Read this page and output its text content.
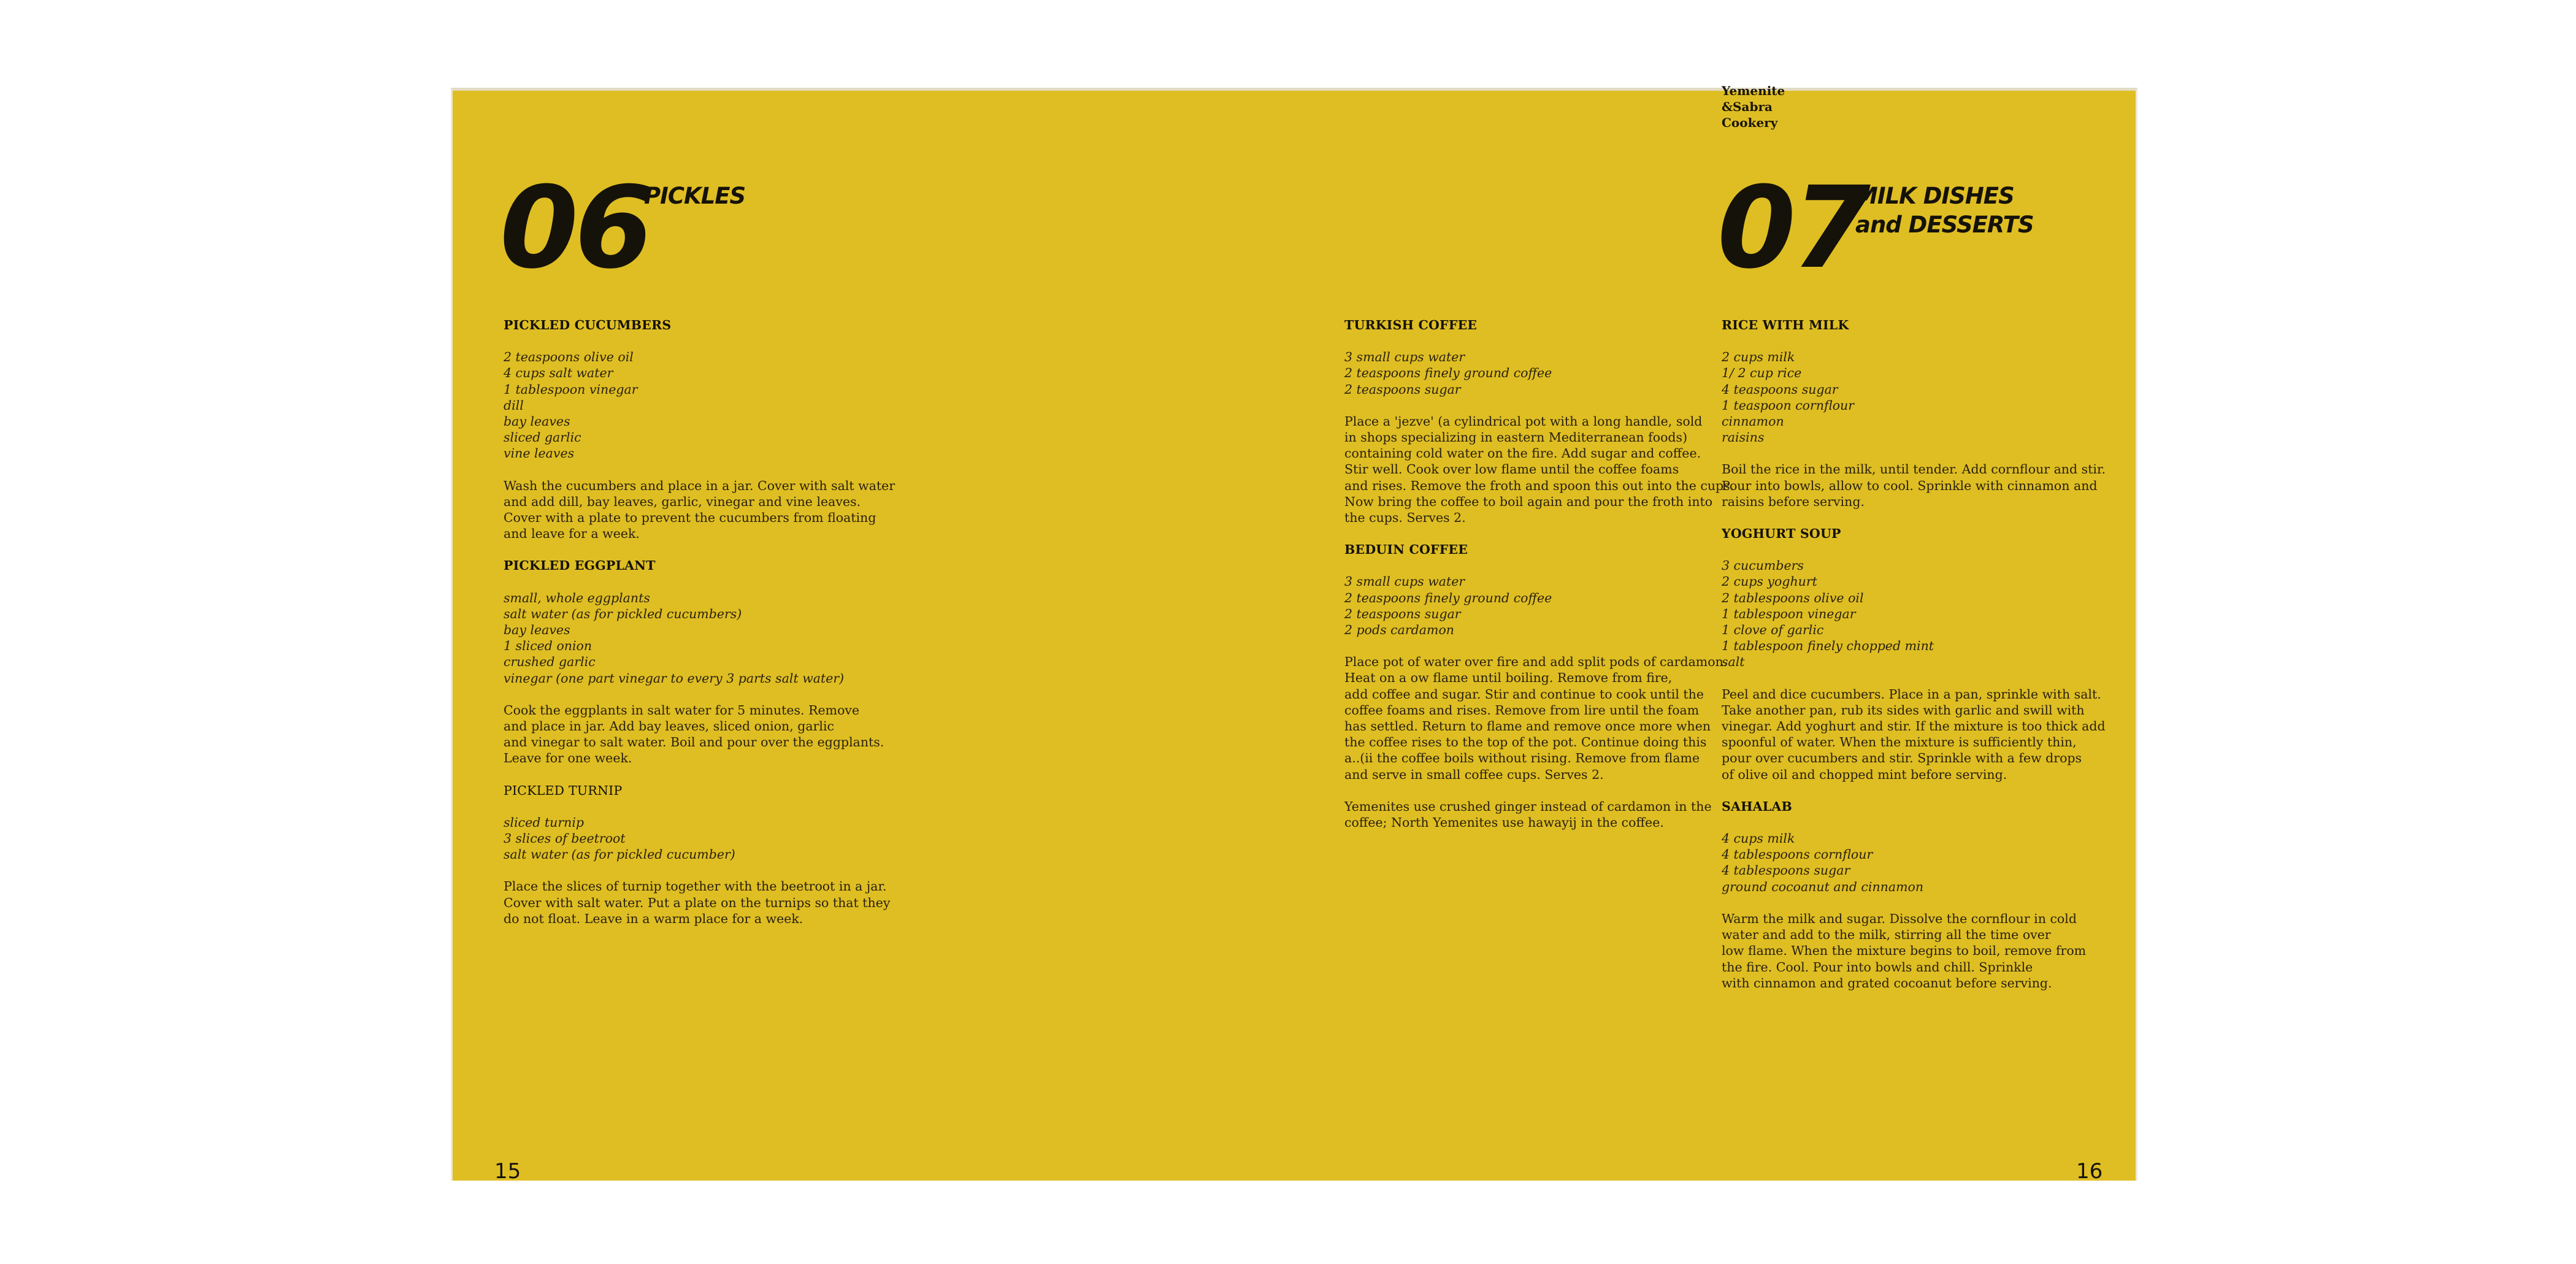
Yemenite
&Sabra
Cookery
06
PICKLES	07
MILK DISHES
and DESSERTS
PICKLED CUCUMBERS
2 teaspoons olive oil
4 cups salt water
1 tablespoon vinegar
dill
bay leaves
sliced garlic
vine leaves
Wash the cucumbers and place in a jar. Cover with salt water
and add dill, bay leaves, garlic, vinegar and vine leaves.
Cover with a plate to prevent the cucumbers from floating
and leave for a week.
PICKLED EGGPLANT
small, whole eggplants
salt water (as for pickled cucumbers)
bay leaves
1 sliced onion
crushed garlic
vinegar (one part vinegar to every 3 parts salt water)
Cook the eggplants in salt water for 5 minutes. Remove
and place in jar. Add bay leaves, sliced onion, garlic
and vinegar to salt water. Boil and pour over the eggplants.
Leave for one week.
PICKLED TURNIP
sliced turnip
3 slices of beetroot
salt water (as for pickled cucumber)
Place the slices of turnip together with the beetroot in a jar.
Cover with salt water. Put a plate on the turnips so that they
do not float. Leave in a warm place for a week.
TURKISH COFFEE
3 small cups water
2 teaspoons finely ground coffee
2 teaspoons sugar
Place a 'jezve' (a cylindrical pot with a long handle, sold
in shops specializing in eastern Mediterranean foods)
containing cold water on the fire. Add sugar and coffee.
Stir well. Cook over low flame until the coffee foams
and rises. Remove the froth and spoon this out into the cups.
Now bring the coffee to boil again and pour the froth into
the cups. Serves 2.
BEDUIN COFFEE
3 small cups water
2 teaspoons finely ground coffee
2 teaspoons sugar
2 pods cardamon
Place pot of water over fire and add split pods of cardamon.
Heat on a ow flame until boiling. Remove from fire,
add coffee and sugar. Stir and continue to cook until the
coffee foams and rises. Remove from lire until the foam
has settled. Return to flame and remove once more when
the coffee rises to the top of the pot. Continue doing this
a..(ii the coffee boils without rising. Remove from flame
and serve in small coffee cups. Serves 2.
Yemenites use crushed ginger instead of cardamon in the
coffee; North Yemenites use hawayij in the coffee.
RICE WITH MILK
2 cups milk
1/ 2 cup rice
4 teaspoons sugar
1 teaspoon cornflour
cinnamon
raisins
Boil the rice in the milk, until tender. Add cornflour and stir.
Pour into bowls, allow to cool. Sprinkle with cinnamon and
raisins before serving.
YOGHURT SOUP
3 cucumbers
2 cups yoghurt
2 tablespoons olive oil
1 tablespoon vinegar
1 clove of garlic
1 tablespoon finely chopped mint
salt
Peel and dice cucumbers. Place in a pan, sprinkle with salt.
Take another pan, rub its sides with garlic and swill with
vinegar. Add yoghurt and stir. If the mixture is too thick add
spoonful of water. When the mixture is sufficiently thin,
pour over cucumbers and stir. Sprinkle with a few drops
of olive oil and chopped mint before serving.
SAHALAB
4 cups milk
4 tablespoons cornflour
4 tablespoons sugar
ground cocoanut and cinnamon
Warm the milk and sugar. Dissolve the cornflour in cold
water and add to the milk, stirring all the time over
low flame. When the mixture begins to boil, remove from
the fire. Cool. Pour into bowls and chill. Sprinkle
with cinnamon and grated cocoanut before serving.
15	16
